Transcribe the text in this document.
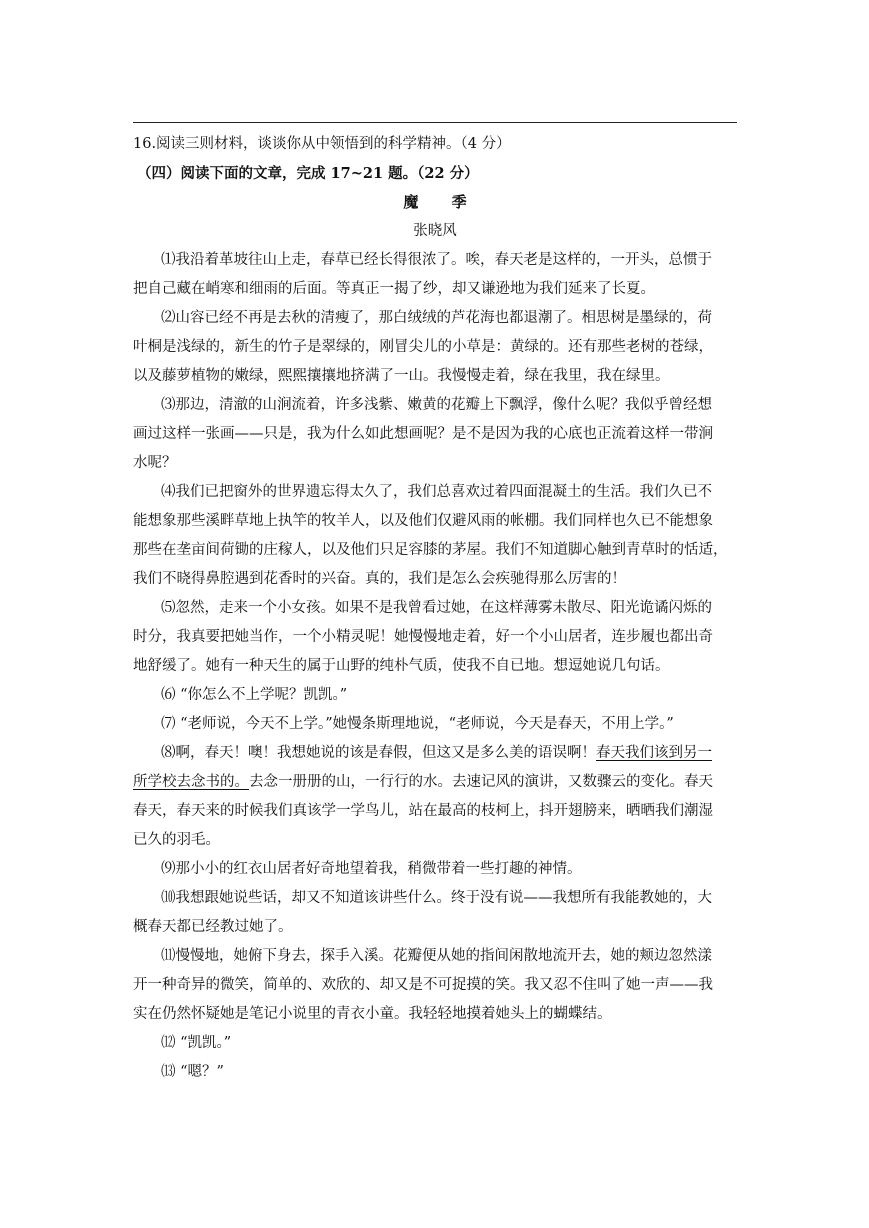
16.阅读三则材料，谈谈你从中领悟到的科学精神。（4 分）
（四）阅读下面的文章，完成 17~21 题。（22 分）
魔 季
张晓风
⑴我沿着革坡往山上走，春草已经长得很浓了。唉，春天老是这样的，一开头，总惯于
把自己藏在峭寒和细雨的后面。等真正一揭了纱，却又谦逊地为我们延来了长夏。
⑵山容已经不再是去秋的清瘦了，那白绒绒的芦花海也都退潮了。相思树是墨绿的，荷
叶桐是浅绿的，新生的竹子是翠绿的，刚冒尖儿的小草是：黄绿的。还有那些老树的苍绿，
以及藤萝植物的嫩绿，熙熙攘攘地挤满了一山。我慢慢走着，绿在我里，我在绿里。
⑶那边，清澈的山涧流着，许多浅紫、嫩黄的花瓣上下飘浮，像什么呢？我似乎曾经想
画过这样一张画——只是，我为什么如此想画呢？是不是因为我的心底也正流着这样一带涧
水呢？
⑷我们已把窗外的世界遗忘得太久了，我们总喜欢过着四面混凝土的生活。我们久已不
能想象那些溪畔草地上执竿的牧羊人，以及他们仅避风雨的帐棚。我们同样也久已不能想象
那些在垄亩间荷锄的庄稼人，以及他们只足容膝的茅屋。我们不知道脚心触到青草时的恬适，
我们不晓得鼻腔遇到花香时的兴奋。真的，我们是怎么会疾驰得那么厉害的！
⑸忽然，走来一个小女孩。如果不是我曾看过她，在这样薄雾未散尽、阳光诡谲闪烁的
时分，我真要把她当作，一个小精灵呢！她慢慢地走着，好一个小山居者，连步履也都出奇
地舒缓了。她有一种天生的属于山野的纯朴气质，使我不自已地。想逗她说几句话。
⑹ “你怎么不上学呢？凯凯。”
⑺ “老师说，今天不上学。”她慢条斯理地说，“老师说，今天是春天，不用上学。”
⑻啊，春天！噢！我想她说的该是春假，但这又是多么美的语误啊！春天我们该到另一
所学校去念书的。去念一册册的山，一行行的水。去速记风的演讲，又数骤云的变化。春天
春天，春天来的时候我们真该学一学鸟儿，站在最高的枝柯上，抖开翅膀来，晒晒我们潮湿
已久的羽毛。
⑼那小小的红衣山居者好奇地望着我，稍微带着一些打趣的神情。
⑽我想跟她说些话，却又不知道该讲些什么。终于没有说——我想所有我能教她的，大
概春天都已经教过她了。
⑾慢慢地，她俯下身去，探手入溪。花瓣便从她的指间闲散地流开去，她的颊边忽然漾
开一种奇异的微笑，简单的、欢欣的、却又是不可捉摸的笑。我又忍不住叫了她一声——我
实在仍然怀疑她是笔记小说里的青衣小童。我轻轻地摸着她头上的蝴蝶结。
⑿ “凯凯。”
⒀ “嗯？”
